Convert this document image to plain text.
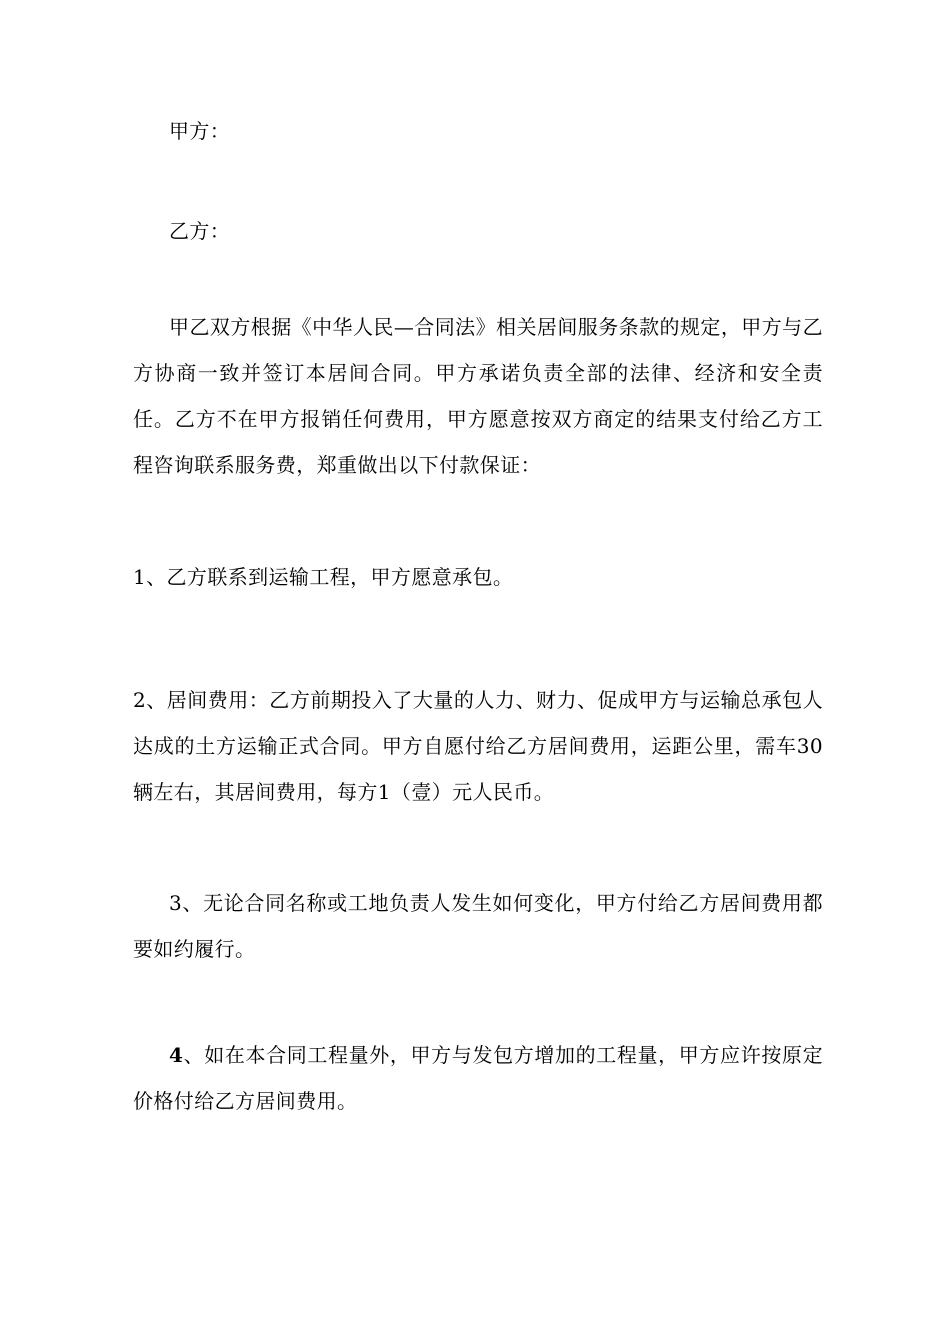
甲方：

乙方：

甲乙双方根据《中华人民—合同法》相关居间服务条款的规定，甲方与乙方协商一致并签订本居间合同。甲方承诺负责全部的法律、经济和安全责任。乙方不在甲方报销任何费用，甲方愿意按双方商定的结果支付给乙方工程咨询联系服务费，郑重做出以下付款保证：

1、乙方联系到运输工程，甲方愿意承包。

2、居间费用：乙方前期投入了大量的人力、财力、促成甲方与运输总承包人达成的土方运输正式合同。甲方自愿付给乙方居间费用，运距公里，需车30辆左右，其居间费用，每方1（壹）元人民币。

3、无论合同名称或工地负责人发生如何变化，甲方付给乙方居间费用都要如约履行。

4、如在本合同工程量外，甲方与发包方增加的工程量，甲方应许按原定价格付给乙方居间费用。
